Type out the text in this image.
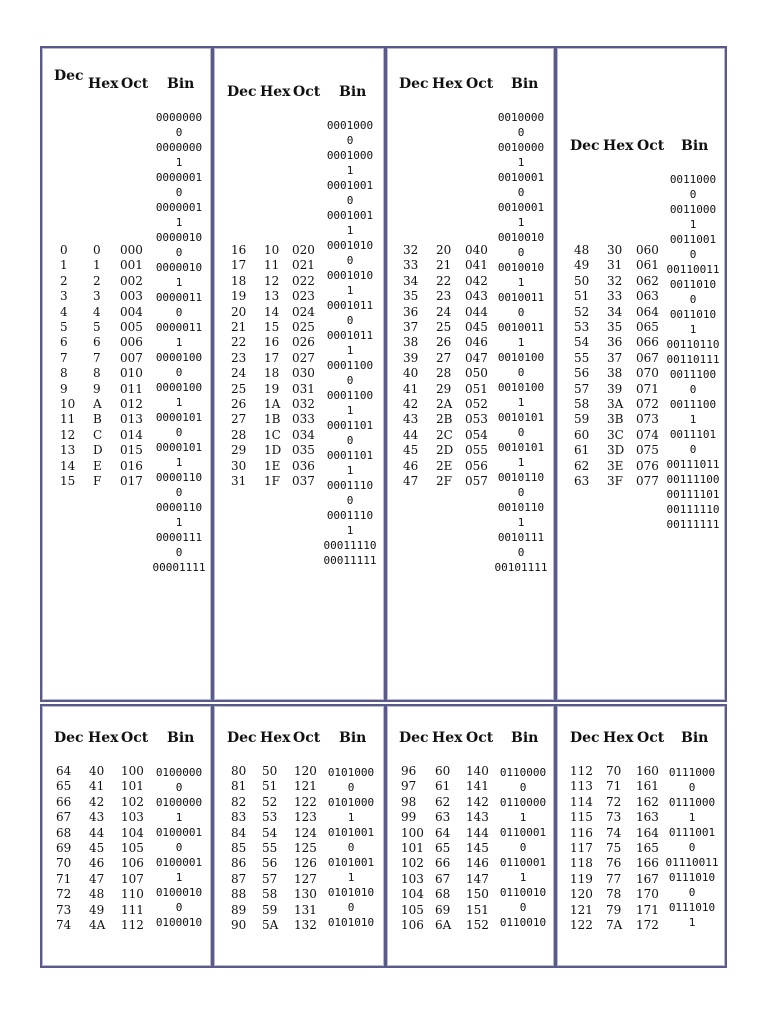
Dec Hex Oct Bin Dec Hex Oct Bin Dec Hex Oct Bin
Dec Hex Oct Bin
Dec Hex Oct Bin Dec Hex Oct Bin Dec Hex Oct Bin Dec Hex Oct Bin
0
1
2
3
4
5
6
7
8
9
10
11
12
13
14
15
0
1
2
3
4
5
6
7
8
9
A
B
C
D
E
F
000
001
002
003
004
005
006
007
010
011
012
013
014
015
016
017
0000000
0
0000000
1
0000001
0
0000001
1
0000010
0
0000010
1
0000011
0
0000011
1
0000100
0
0000100
1
0000101
0
0000101
1
0000110
0
0000110
1
0000111
0
00001111
16
17
18
19
20
21
22
23
24
25
26
27
28
29
30
31
10
11
12
13
14
15
16
17
18
19
1A
1B
1C
1D
1E
1F
020
021
022
023
024
025
026
027
030
031
032
033
034
035
036
037
0001000
0
0001000
1
0001001
0
0001001
1
0001010
0
0001010
1
0001011
0
0001011
1
0001100
0
0001100
1
0001101
0
0001101
1
0001110
0
0001110
1
00011110
00011111
32
33
34
35
36
37
38
39
40
41
42
43
44
45
46
47
20
21
22
23
24
25
26
27
28
29
2A
2B
2C
2D
2E
2F
040
041
042
043
044
045
046
047
050
051
052
053
054
055
056
057
0010000
0
0010000
1
0010001
0
0010001
1
0010010
0
0010010
1
0010011
0
0010011
1
0010100
0
0010100
1
0010101
0
0010101
1
0010110
0
0010110
1
0010111
0
00101111
48
49
50
51
52
53
54
55
56
57
58
59
60
61
62
63
30
31
32
33
34
35
36
37
38
39
3A
3B
3C
3D
3E
3F
060
061
062
063
064
065
066
067
070
071
072
073
074
075
076
077
0011000
0
0011000
1
0011001
0
00110011
0011010
0
0011010
1
00110110
00110111
0011100
0
0011100
1
0011101
0
00111011
00111100
00111101
00111110
00111111
64
65
66
67
68
69
70
71
72
73
74
40
41
42
43
44
45
46
47
48
49
4A
100
101
102
103
104
105
106
107
110
111
112
0100000
0
0100000
1
0100001
0
0100001
1
0100010
0
0100010
80
81
82
83
84
85
86
87
88
89
90
50
51
52
53
54
55
56
57
58
59
5A
120
121
122
123
124
125
126
127
130
131
132
0101000
0
0101000
1
0101001
0
0101001
1
0101010
0
0101010
96
97
98
99
100
101
102
103
104
105
106
60
61
62
63
64
65
66
67
68
69
6A
140
141
142
143
144
145
146
147
150
151
152
0110000
0
0110000
1
0110001
0
0110001
1
0110010
0
0110010
112
113
114
115
116
117
118
119
120
121
122
70
71
72
73
74
75
76
77
78
79
7A
160
161
162
163
164
165
166
167
170
171
172
0111000
0
0111000
1
0111001
0
01110011
0111010
0
0111010
1
